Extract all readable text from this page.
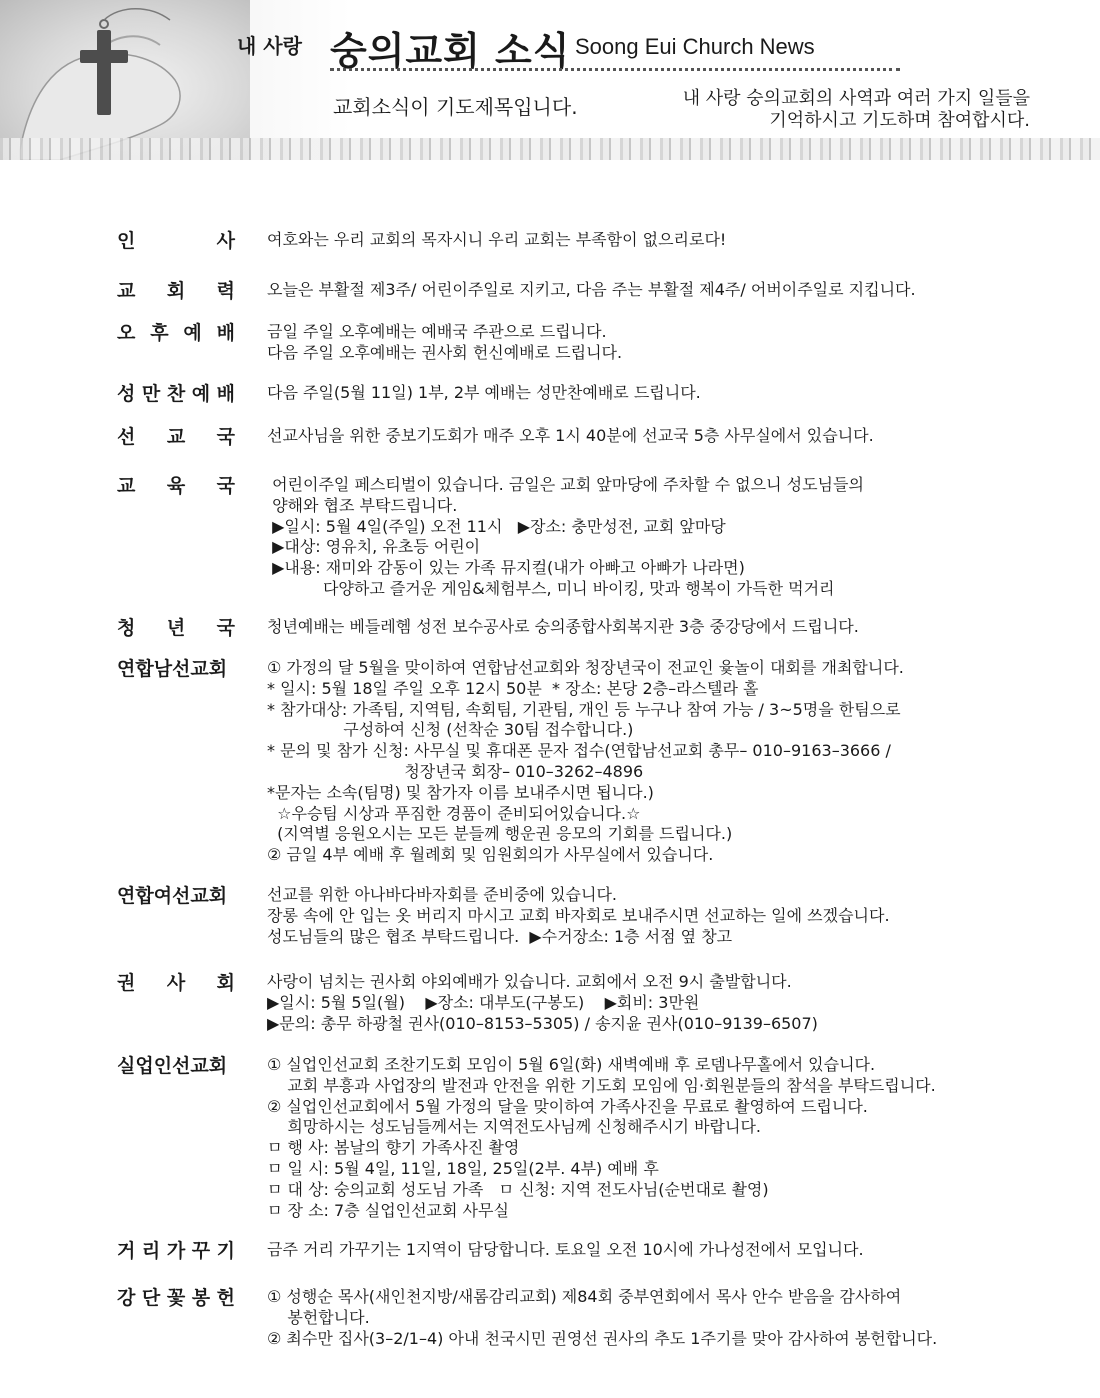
내 사랑 숭의교회 소식 Soong Eui Church News
교회소식이 기도제목입니다.	내 사랑 숭의교회의 사역과 여러 가지 일들을
기억하시고 기도하며 참여합시다.
인	사 여호와는 우리 교회의 목자시니 우리 교회는 부족함이 없으리로다!
교 회 력 오늘은 부활절 제3주/ 어린이주일로 지키고, 다음 주는 부활절 제4주/ 어버이주일로 지킵니다.
오 후 예 배 금일 주일 오후예배는 예배국 주관으로 드립니다.
다음 주일 오후예배는 권사회 헌신예배로 드립니다.
성 만 찬 예 배 다음 주일(5월 11일) 1부, 2부 예배는 성만찬예배로 드립니다.
선 교 국 선교사님을 위한 중보기도회가 매주 오후 1시 40분에 선교국 5층 사무실에서 있습니다.
교 육 국 어린이주일 페스티벌이 있습니다. 금일은 교회 앞마당에 주차할 수 없으니 성도님들의
양해와 협조 부탁드립니다.
▶일시: 5월 4일(주일) 오전 11시   ▶장소: 충만성전, 교회 앞마당
▶대상: 영유치, 유초등 어린이
▶내용: 재미와 감동이 있는 가족 뮤지컬(내가 아빠고 아빠가 나라면)
다양하고 즐거운 게임&체험부스, 미니 바이킹, 맛과 행복이 가득한 먹거리
청 년 국 청년예배는 베들레헴 성전 보수공사로 숭의종합사회복지관 3층 중강당에서 드립니다.
연합남선교회 ① 가정의 달 5월을 맞이하여 연합남선교회와 청장년국이 전교인 윷놀이 대회를 개최합니다.
* 일시: 5월 18일 주일 오후 12시 50분  * 장소: 본당 2층–라스텔라 홀
* 참가대상: 가족팀, 지역팀, 속회팀, 기관팀, 개인 등 누구나 참여 가능 / 3~5명을 한팀으로
구성하여 신청 (선착순 30팀 접수합니다.)
* 문의 및 참가 신청: 사무실 및 휴대폰 문자 접수(연합남선교회 총무– 010–9163–3666 /
청장년국 회장– 010–3262–4896
*문자는 소속(팀명) 및 참가자 이름 보내주시면 됩니다.)
☆우승팀 시상과 푸짐한 경품이 준비되어있습니다.☆
(지역별 응원오시는 모든 분들께 행운권 응모의 기회를 드립니다.)
② 금일 4부 예배 후 월례회 및 임원회의가 사무실에서 있습니다.
연합여선교회 선교를 위한 아나바다바자회를 준비중에 있습니다.
장롱 속에 안 입는 옷 버리지 마시고 교회 바자회로 보내주시면 선교하는 일에 쓰겠습니다.
성도님들의 많은 협조 부탁드립니다.  ▶수거장소: 1층 서점 옆 창고
권 사 회 사랑이 넘치는 권사회 야외예배가 있습니다. 교회에서 오전 9시 출발합니다.
▶일시: 5월 5일(월)    ▶장소: 대부도(구봉도)    ▶회비: 3만원
▶문의: 총무 하광철 권사(010–8153–5305) / 송지윤 권사(010–9139–6507)
실업인선교회 ① 실업인선교회 조찬기도회 모임이 5월 6일(화) 새벽예배 후 로뎀나무홀에서 있습니다.
교회 부흥과 사업장의 발전과 안전을 위한 기도회 모임에 임·회원분들의 참석을 부탁드립니다.
② 실업인선교회에서 5월 가정의 달을 맞이하여 가족사진을 무료로 촬영하여 드립니다.
희망하시는 성도님들께서는 지역전도사님께 신청해주시기 바랍니다.
ㅁ 행 사: 봄날의 향기 가족사진 촬영
ㅁ 일 시: 5월 4일, 11일, 18일, 25일(2부. 4부) 예배 후
ㅁ 대 상: 숭의교회 성도님 가족   ㅁ 신청: 지역 전도사님(순번대로 촬영)
ㅁ 장 소: 7층 실업인선교회 사무실
거 리 가 꾸 기 금주 거리 가꾸기는 1지역이 담당합니다. 토요일 오전 10시에 가나성전에서 모입니다.
강 단 꽃 봉 헌 ① 성행순 목사(새인천지방/새롬감리교회) 제84회 중부연회에서 목사 안수 받음을 감사하여
봉헌합니다.
② 최수만 집사(3–2/1–4) 아내 천국시민 권영선 권사의 추도 1주기를 맞아 감사하여 봉헌합니다.
